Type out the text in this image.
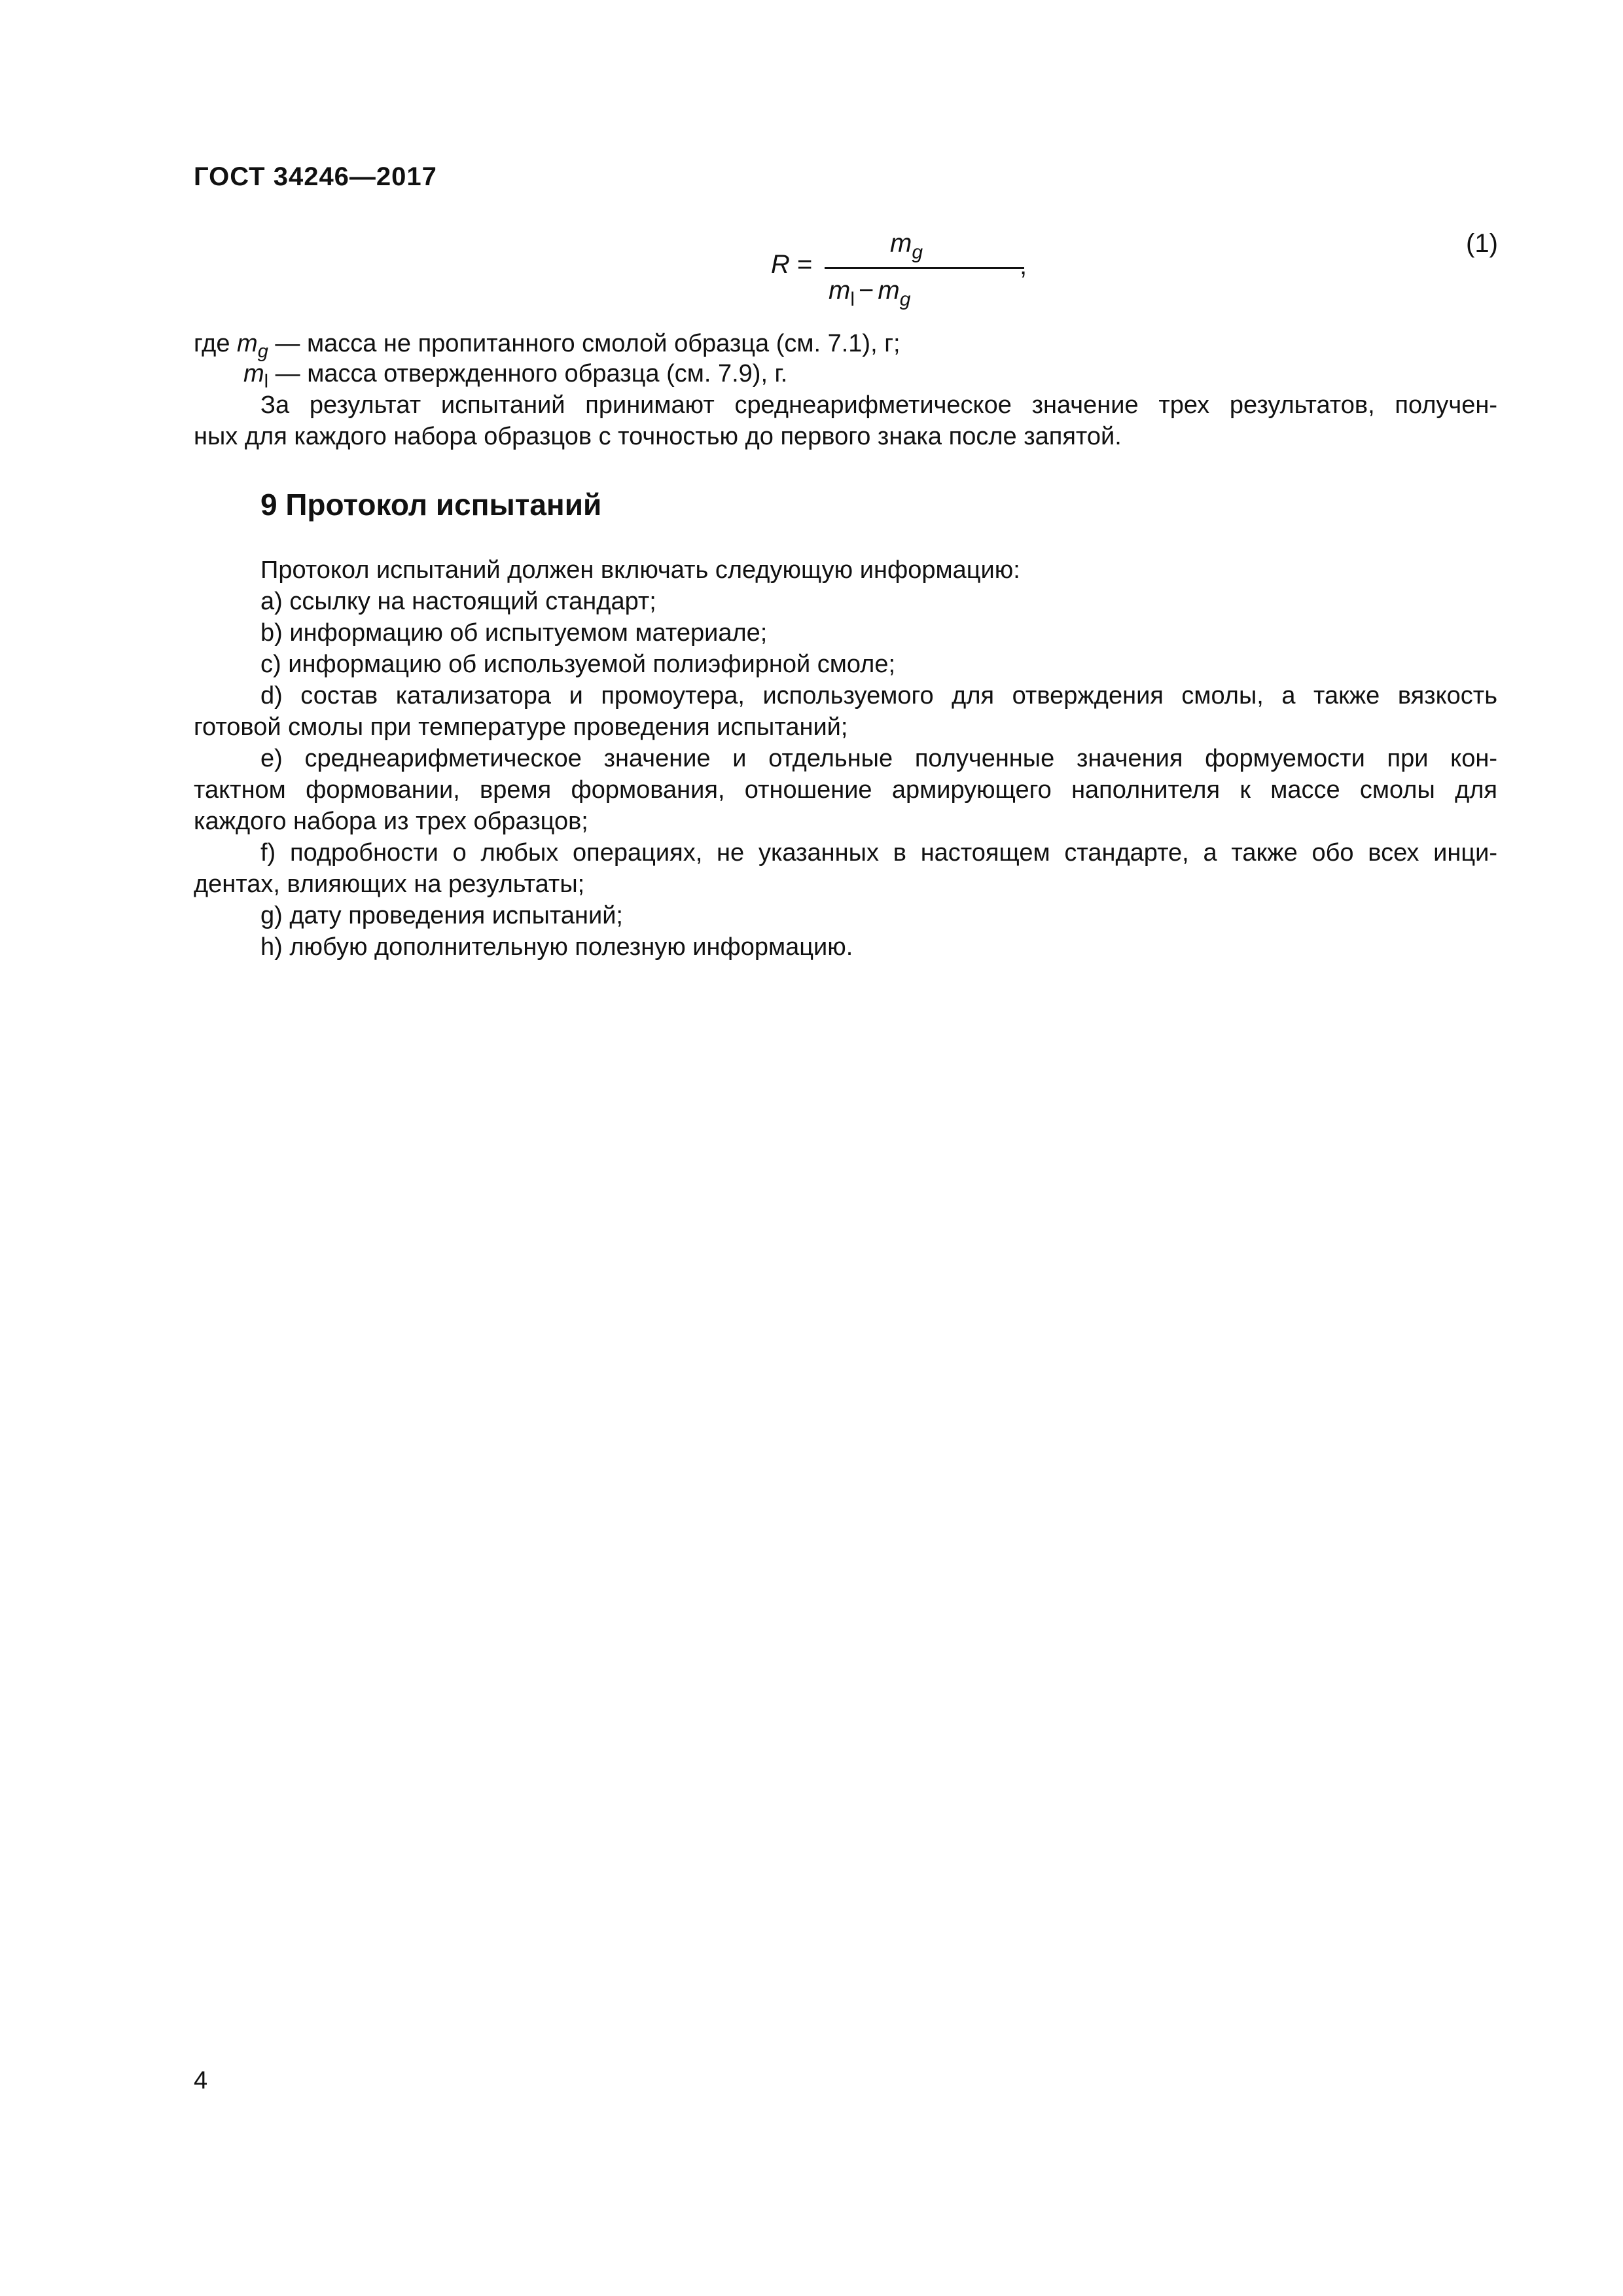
ГОСТ 34246—2017
R =
$m_g$
$m_l - m_g$
,
(1)
где $m_g$ — масса не пропитанного смолой образца (см. 7.1), г;
$m_l$ — масса отвержденного образца (см. 7.9), г.
За результат испытаний принимают среднеарифметическое значение трех результатов, получен-
ных для каждого набора образцов с точностью до первого знака после запятой.
9 Протокол испытаний
Протокол испытаний должен включать следующую информацию:
a) ссылку на настоящий стандарт;
b) информацию об испытуемом материале;
c) информацию об используемой полиэфирной смоле;
d) состав катализатора и промоутера, используемого для отверждения смолы, а также вязкость
готовой смолы при температуре проведения испытаний;
e) среднеарифметическое значение и отдельные полученные значения формуемости при кон-
тактном формовании, время формования, отношение армирующего наполнителя к массе смолы для
каждого набора из трех образцов;
f) подробности о любых операциях, не указанных в настоящем стандарте, а также обо всех инци-
дентах, влияющих на результаты;
g) дату проведения испытаний;
h) любую дополнительную полезную информацию.
4
